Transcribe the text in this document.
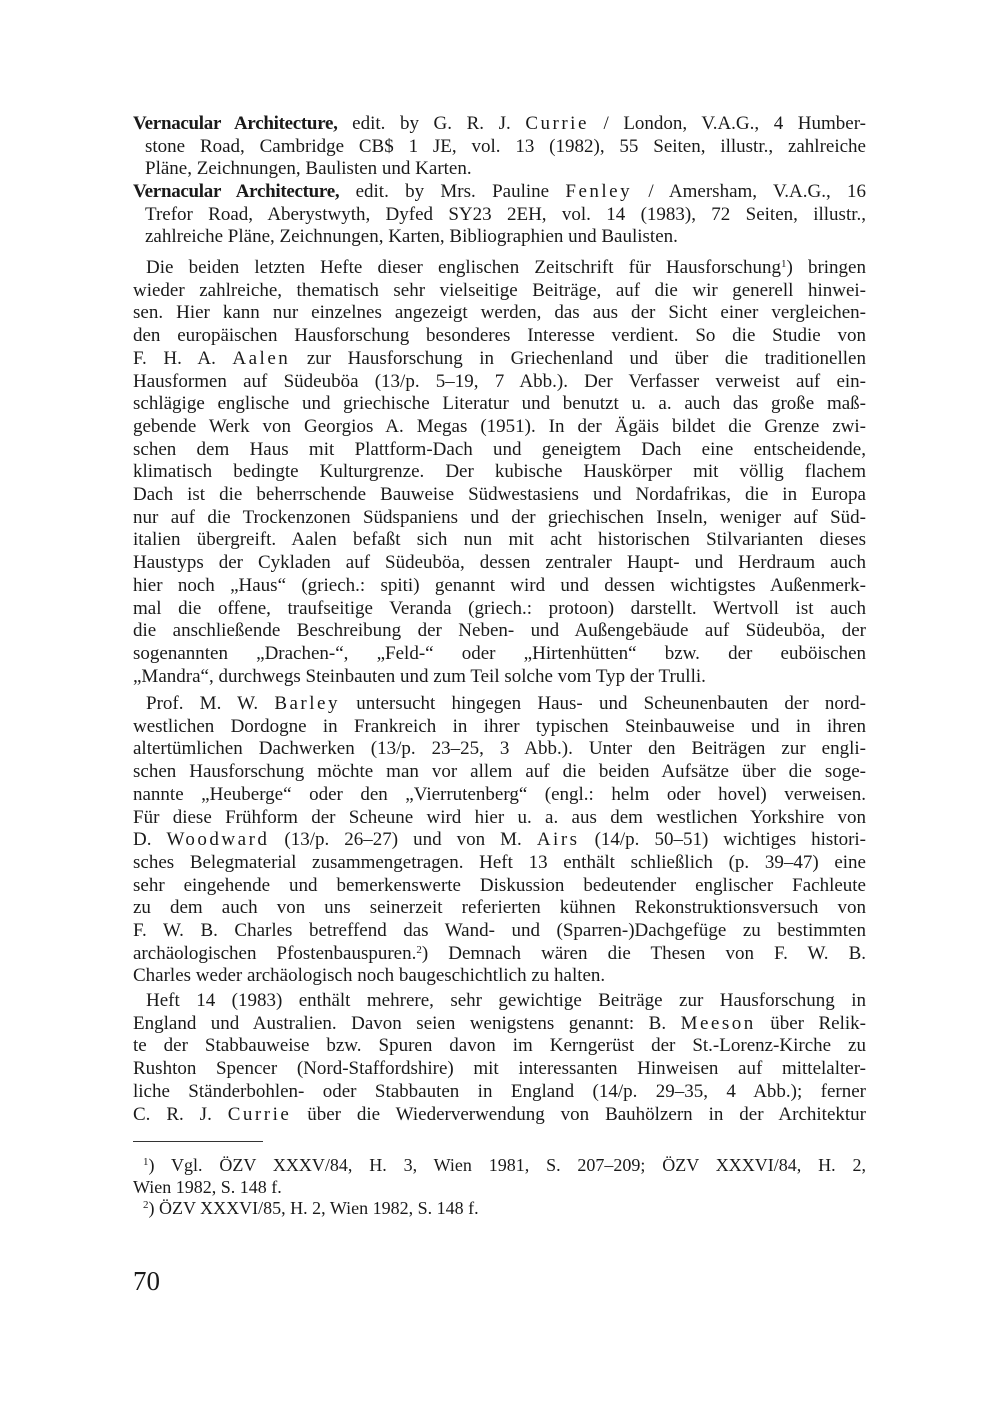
Vernacular Architecture, edit. by G. R. J. Currie / London, V.A.G., 4 Humber-
stone Road, Cambridge CB$ 1 JE, vol. 13 (1982), 55 Seiten, illustr., zahlreiche
Pläne, Zeichnungen, Baulisten und Karten.
Vernacular Architecture, edit. by Mrs. Pauline Fenley / Amersham, V.A.G., 16
Trefor Road, Aberystwyth, Dyfed SY23 2EH, vol. 14 (1983), 72 Seiten, illustr.,
zahlreiche Pläne, Zeichnungen, Karten, Bibliographien und Baulisten.
Die beiden letzten Hefte dieser englischen Zeitschrift für Hausforschung$^1$) bringen
wieder zahlreiche, thematisch sehr vielseitige Beiträge, auf die wir generell hinwei-
sen. Hier kann nur einzelnes angezeigt werden, das aus der Sicht einer vergleichen-
den europäischen Hausforschung besonderes Interesse verdient. So die Studie von
F. H. A. Aalen zur Hausforschung in Griechenland und über die traditionellen
Hausformen auf Südeuböa (13/p. 5–19, 7 Abb.). Der Verfasser verweist auf ein-
schlägige englische und griechische Literatur und benutzt u. a. auch das große maß-
gebende Werk von Georgios A. Megas (1951). In der Ägäis bildet die Grenze zwi-
schen dem Haus mit Plattform-Dach und geneigtem Dach eine entscheidende,
klimatisch bedingte Kulturgrenze. Der kubische Hauskörper mit völlig flachem
Dach ist die beherrschende Bauweise Südwestasiens und Nordafrikas, die in Europa
nur auf die Trockenzonen Südspaniens und der griechischen Inseln, weniger auf Süd-
italien übergreift. Aalen befaßt sich nun mit acht historischen Stilvarianten dieses
Haustyps der Cykladen auf Südeuböa, dessen zentraler Haupt- und Herdraum auch
hier noch „Haus“ (griech.: spiti) genannt wird und dessen wichtigstes Außenmerk-
mal die offene, traufseitige Veranda (griech.: protoon) darstellt. Wertvoll ist auch
die anschließende Beschreibung der Neben- und Außengebäude auf Südeuböa, der
sogenannten „Drachen-“, „Feld-“ oder „Hirtenhütten“ bzw. der euböischen
„Mandra“, durchwegs Steinbauten und zum Teil solche vom Typ der Trulli.
Prof. M. W. Barley untersucht hingegen Haus- und Scheunenbauten der nord-
westlichen Dordogne in Frankreich in ihrer typischen Steinbauweise und in ihren
altertümlichen Dachwerken (13/p. 23–25, 3 Abb.). Unter den Beiträgen zur engli-
schen Hausforschung möchte man vor allem auf die beiden Aufsätze über die soge-
nannte „Heuberge“ oder den „Vierrutenberg“ (engl.: helm oder hovel) verweisen.
Für diese Frühform der Scheune wird hier u. a. aus dem westlichen Yorkshire von
D. Woodward (13/p. 26–27) und von M. Airs (14/p. 50–51) wichtiges histori-
sches Belegmaterial zusammengetragen. Heft 13 enthält schließlich (p. 39–47) eine
sehr eingehende und bemerkenswerte Diskussion bedeutender englischer Fachleute
zu dem auch von uns seinerzeit referierten kühnen Rekonstruktionsversuch von
F. W. B. Charles betreffend das Wand- und (Sparren-)Dachgefüge zu bestimmten
archäologischen Pfostenbauspuren.$^2$) Demnach wären die Thesen von F. W. B.
Charles weder archäologisch noch baugeschichtlich zu halten.
Heft 14 (1983) enthält mehrere, sehr gewichtige Beiträge zur Hausforschung in
England und Australien. Davon seien wenigstens genannt: B. Meeson über Relik-
te der Stabbauweise bzw. Spuren davon im Kerngerüst der St.-Lorenz-Kirche zu
Rushton Spencer (Nord-Staffordshire) mit interessanten Hinweisen auf mittelalter-
liche Ständerbohlen- oder Stabbauten in England (14/p. 29–35, 4 Abb.); ferner
C. R. J. Currie über die Wiederverwendung von Bauhölzern in der Architektur
$^1$) Vgl. ÖZV XXXV/84, H. 3, Wien 1981, S. 207–209; ÖZV XXXVI/84, H. 2,
Wien 1982, S. 148 f.
$^2$) ÖZV XXXVI/85, H. 2, Wien 1982, S. 148 f.
70
